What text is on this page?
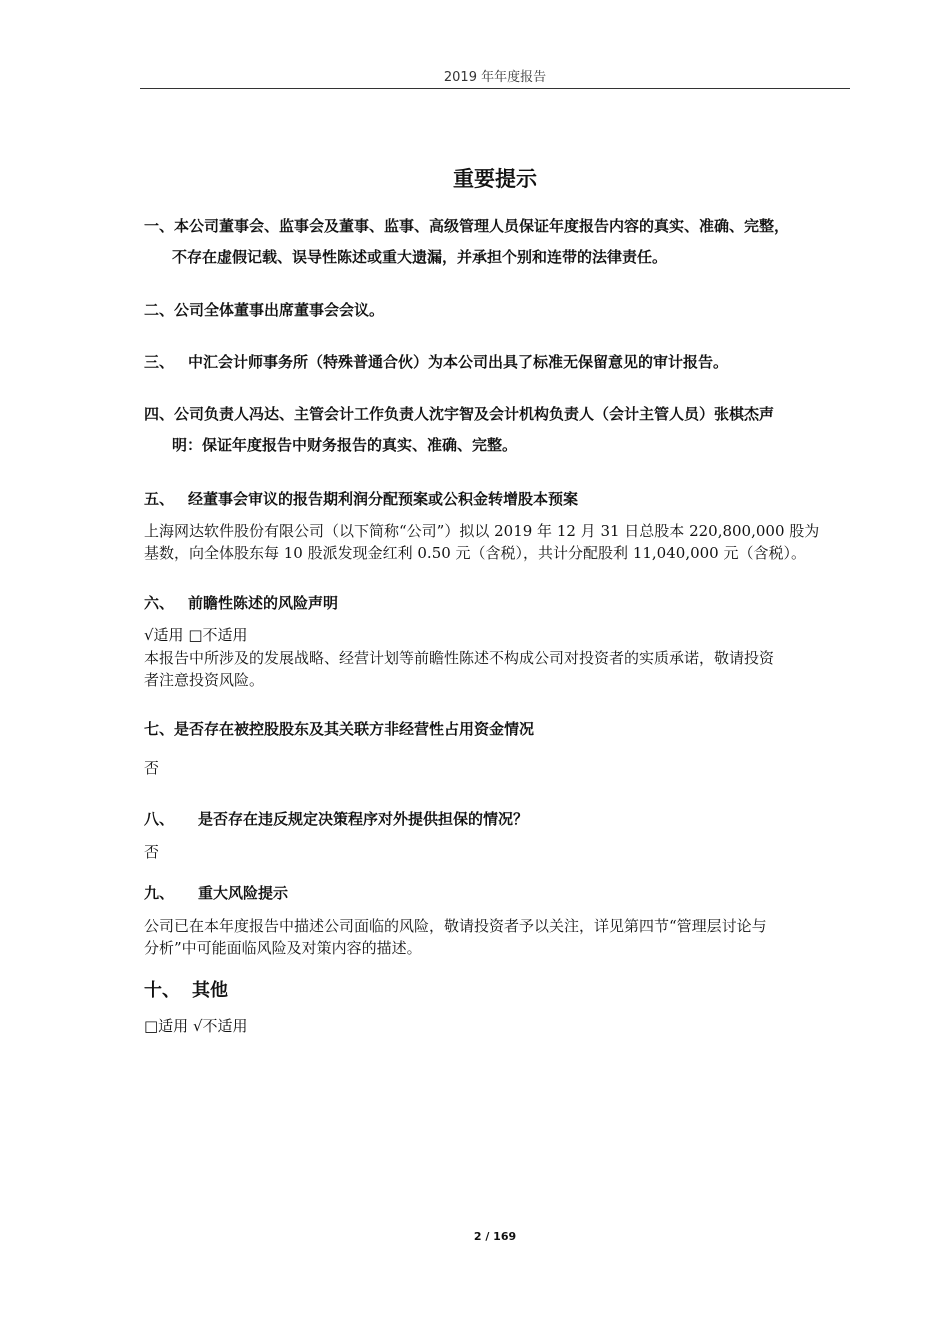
2019 年年度报告
重要提示
一、本公司董事会、监事会及董事、监事、高级管理人员保证年度报告内容的真实、准确、完整，
不存在虚假记载、误导性陈述或重大遗漏，并承担个别和连带的法律责任。
二、公司全体董事出席董事会会议。
三、 中汇会计师事务所（特殊普通合伙）为本公司出具了标准无保留意见的审计报告。
四、公司负责人冯达、主管会计工作负责人沈宇智及会计机构负责人（会计主管人员）张棋杰声
明：保证年度报告中财务报告的真实、准确、完整。
五、 经董事会审议的报告期利润分配预案或公积金转增股本预案
上海网达软件股份有限公司（以下简称“公司”）拟以 2019 年 12 月 31 日总股本 220,800,000 股为
基数，向全体股东每 10 股派发现金红利 0.50 元（含税），共计分配股利 11,040,000 元（含税）。
六、 前瞻性陈述的风险声明
√适用 □不适用
本报告中所涉及的发展战略、经营计划等前瞻性陈述不构成公司对投资者的实质承诺，敬请投资
者注意投资风险。
七、是否存在被控股股东及其关联方非经营性占用资金情况
否
八、 是否存在违反规定决策程序对外提供担保的情况？
否
九、 重大风险提示
公司已在本年度报告中描述公司面临的风险，敬请投资者予以关注，详见第四节“管理层讨论与
分析”中可能面临风险及对策内容的描述。
十、 其他
□适用 √不适用
2 / 169
